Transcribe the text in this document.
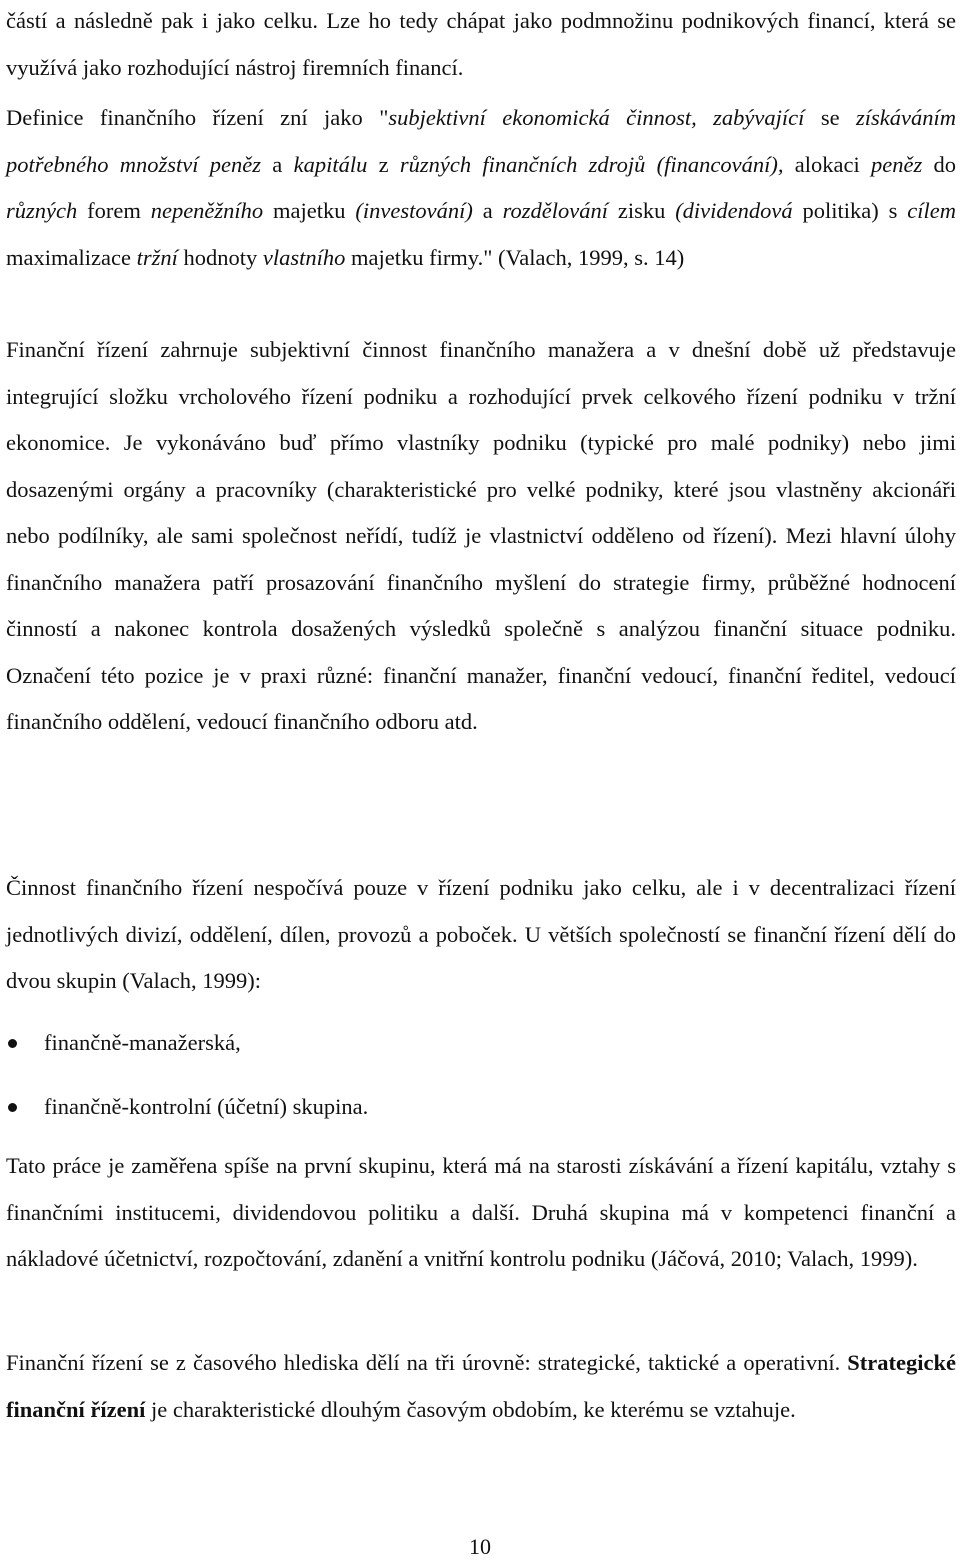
částí a následně pak i jako celku. Lze ho tedy chápat jako podmnožinu podnikových financí, která se využívá jako rozhodující nástroj firemních financí.

Definice finančního řízení zní jako "subjektivní ekonomická činnost, zabývající se získáváním potřebného množství peněz a kapitálu z různých finančních zdrojů (financování), alokaci peněz do různých forem nepeněžního majetku (investování) a rozdělování zisku (dividendová politika) s cílem maximalizace tržní hodnoty vlastního majetku firmy." (Valach, 1999, s. 14)

Finanční řízení zahrnuje subjektivní činnost finančního manažera a v dnešní době už představuje integrující složku vrcholového řízení podniku a rozhodující prvek celkového řízení podniku v tržní ekonomice. Je vykonáváno buď přímo vlastníky podniku (typické pro malé podniky) nebo jimi dosazenými orgány a pracovníky (charakteristické pro velké podniky, které jsou vlastněny akcionáři nebo podílníky, ale sami společnost neřídí, tudíž je vlastnictví odděleno od řízení). Mezi hlavní úlohy finančního manažera patří prosazování finančního myšlení do strategie firmy, průběžné hodnocení činností a nakonec kontrola dosažených výsledků společně s analýzou finanční situace podniku. Označení této pozice je v praxi různé: finanční manažer, finanční vedoucí, finanční ředitel, vedoucí finančního oddělení, vedoucí finančního odboru atd.

Činnost finančního řízení nespočívá pouze v řízení podniku jako celku, ale i v decentralizaci řízení jednotlivých divizí, oddělení, dílen, provozů a poboček. U větších společností se finanční řízení dělí do dvou skupin (Valach, 1999):

finančně-manažerská,
finančně-kontrolní (účetní) skupina.

Tato práce je zaměřena spíše na první skupinu, která má na starosti získávání a řízení kapitálu, vztahy s finančními institucemi, dividendovou politiku a další. Druhá skupina má v kompetenci finanční a nákladové účetnictví, rozpočtování, zdanění a vnitřní kontrolu podniku (Jáčová, 2010; Valach, 1999).

Finanční řízení se z časového hlediska dělí na tři úrovně: strategické, taktické a operativní. Strategické finanční řízení je charakteristické dlouhým časovým obdobím, ke kterému se vztahuje.

10
